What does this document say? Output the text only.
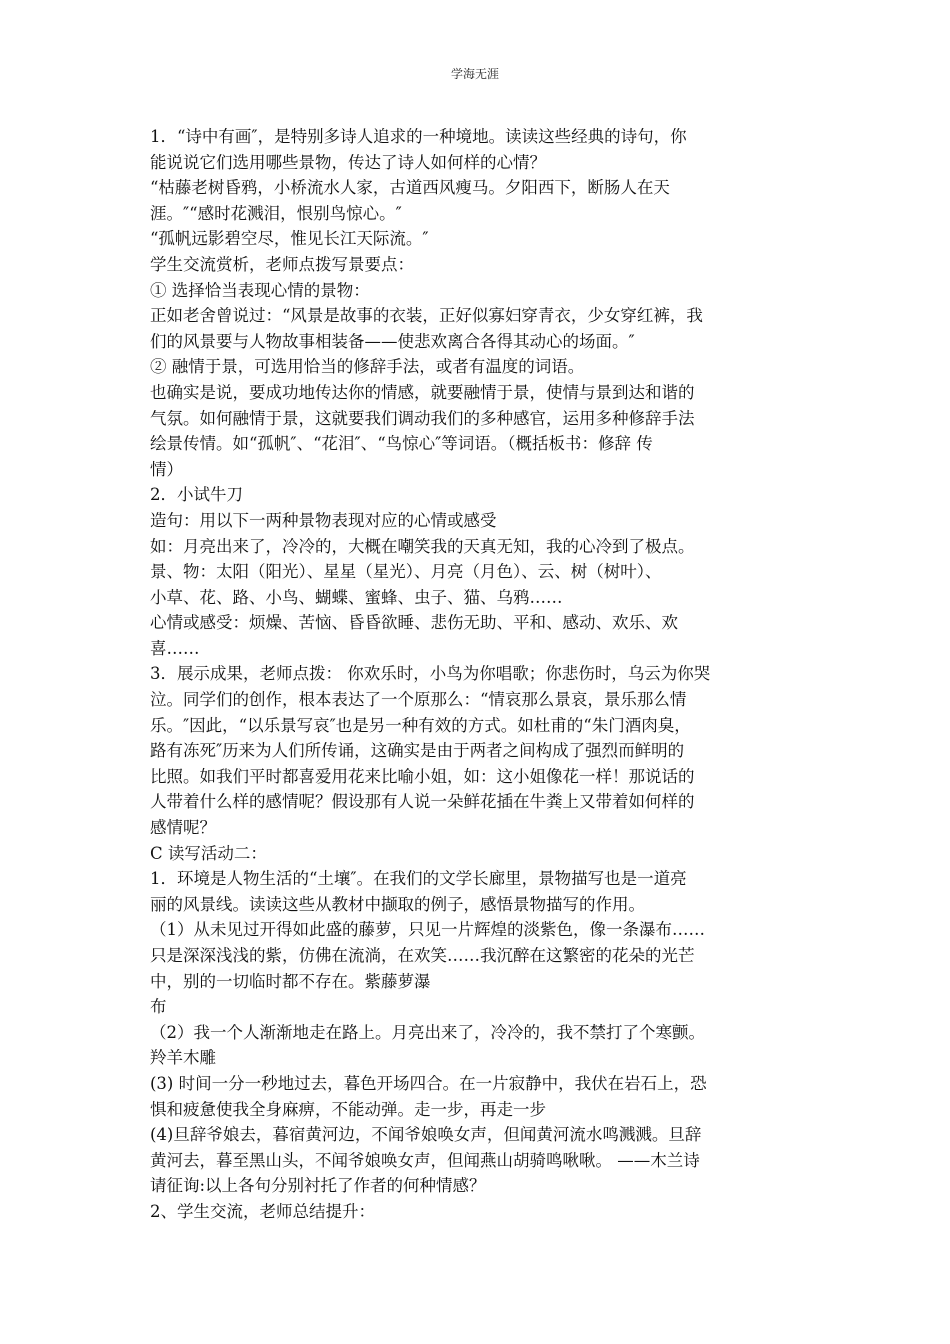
学海无涯
1．“诗中有画″，是特别多诗人追求的一种境地。读读这些经典的诗句，你
能说说它们选用哪些景物，传达了诗人如何样的心情？
“枯藤老树昏鸦，小桥流水人家，古道西风瘦马。夕阳西下，断肠人在天
涯。″“感时花溅泪，恨别鸟惊心。″
“孤帆远影碧空尽，惟见长江天际流。″
学生交流赏析，老师点拨写景要点：
① 选择恰当表现心情的景物：
正如老舍曾说过：“风景是故事的衣装，正好似寡妇穿青衣，少女穿红裤，我
们的风景要与人物故事相装备——使悲欢离合各得其动心的场面。″
② 融情于景，可选用恰当的修辞手法，或者有温度的词语。
也确实是说，要成功地传达你的情感，就要融情于景，使情与景到达和谐的
气氛。如何融情于景，这就要我们调动我们的多种感官，运用多种修辞手法
绘景传情。如“孤帆″、“花泪″、“鸟惊心″等词语。（概括板书：修辞 传
情）
2．小试牛刀
造句：用以下一两种景物表现对应的心情或感受
如：月亮出来了，冷冷的，大概在嘲笑我的天真无知，我的心冷到了极点。
景、物：太阳（阳光）、星星（星光）、月亮（月色）、云、树（树叶）、
小草、花、路、小鸟、蝴蝶、蜜蜂、虫子、猫、乌鸦……
心情或感受：烦燥、苦恼、昏昏欲睡、悲伤无助、平和、感动、欢乐、欢
喜……
3．展示成果，老师点拨： 你欢乐时，小鸟为你唱歌；你悲伤时，乌云为你哭
泣。同学们的创作，根本表达了一个原那么：“情哀那么景哀，景乐那么情
乐。″因此，“以乐景写哀″也是另一种有效的方式。如杜甫的“朱门酒肉臭，
路有冻死″历来为人们所传诵，这确实是由于两者之间构成了强烈而鲜明的
比照。如我们平时都喜爱用花来比喻小姐，如：这小姐像花一样！那说话的
人带着什么样的感情呢？假设那有人说一朵鲜花插在牛粪上又带着如何样的
感情呢？
C 读写活动二：
1．环境是人物生活的“土壤″。在我们的文学长廊里，景物描写也是一道亮
丽的风景线。读读这些从教材中撷取的例子，感悟景物描写的作用。
（1）从未见过开得如此盛的藤萝，只见一片辉煌的淡紫色，像一条瀑布……
只是深深浅浅的紫，仿佛在流淌，在欢笑……我沉醉在这繁密的花朵的光芒
中，别的一切临时都不存在。紫藤萝瀑
布
（2）我一个人渐渐地走在路上。月亮出来了，冷冷的，我不禁打了个寒颤。
羚羊木雕
(3) 时间一分一秒地过去，暮色开场四合。在一片寂静中，我伏在岩石上，恐
惧和疲惫使我全身麻痹，不能动弹。走一步，再走一步
(4)旦辞爷娘去，暮宿黄河边，不闻爷娘唤女声，但闻黄河流水鸣溅溅。旦辞
黄河去，暮至黑山头，不闻爷娘唤女声，但闻燕山胡骑鸣啾啾。 ——木兰诗
请征询:以上各句分别衬托了作者的何种情感？
2、学生交流，老师总结提升：
